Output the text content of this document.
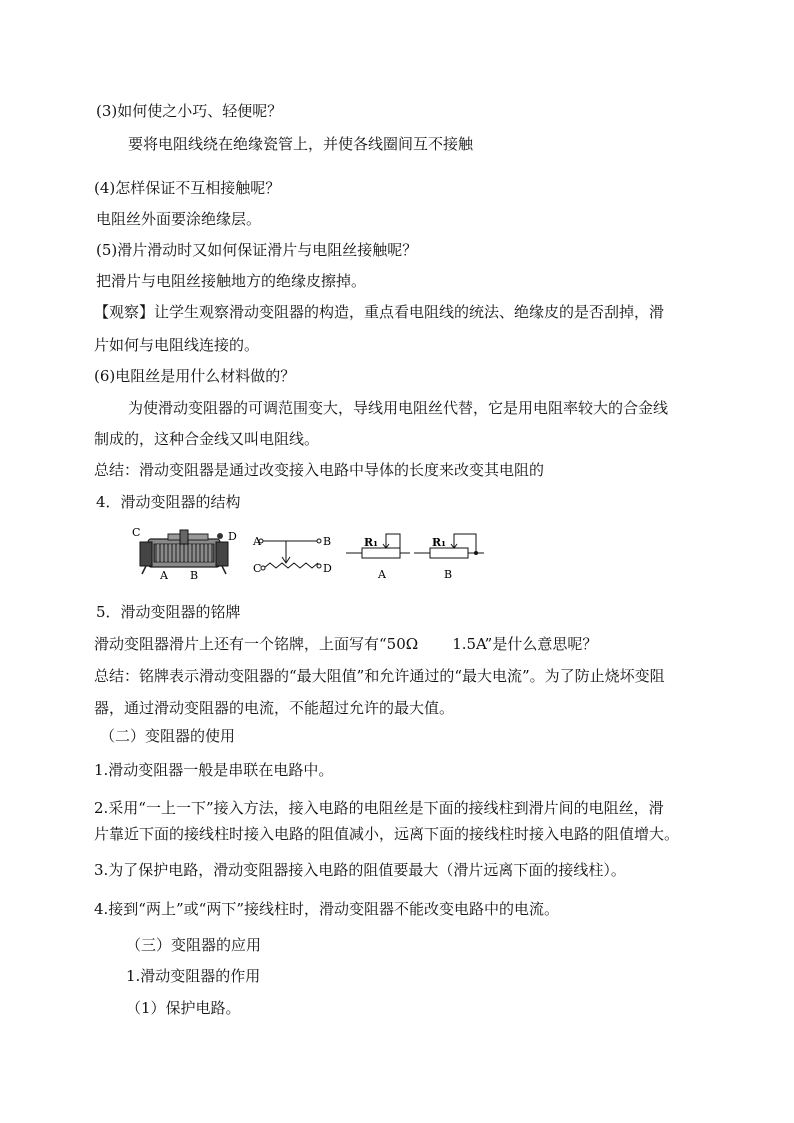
(3)如何使之小巧、轻便呢？
要将电阻线绕在绝缘瓷管上，并使各线圈间互不接触
(4)怎样保证不互相接触呢？
电阻丝外面要涂绝缘层。
(5)滑片滑动时又如何保证滑片与电阻丝接触呢？
把滑片与电阻丝接触地方的绝缘皮擦掉。
【观察】让学生观察滑动变阻器的构造，重点看电阻线的统法、绝缘皮的是否刮掉，滑
片如何与电阻线连接的。
(6)电阻丝是用什么材料做的？
为使滑动变阻器的可调范围变大，导线用电阻丝代替，它是用电阻率较大的合金线
制成的，这种合金线又叫电阻线。
总结：滑动变阻器是通过改变接入电路中导体的长度来改变其电阻的
4．滑动变阻器的结构
C	D
A B
A	B
C	D
R₁
A
R₁
B
5．滑动变阻器的铭牌
滑动变阻器滑片上还有一个铭牌，上面写有“50Ω 1.5A”是什么意思呢？
总结：铭牌表示滑动变阻器的“最大阻值”和允许通过的“最大电流”。为了防止烧坏变阻
器，通过滑动变阻器的电流，不能超过允许的最大值。
（二）变阻器的使用
1.滑动变阻器一般是串联在电路中。
2.采用“一上一下”接入方法，接入电路的电阻丝是下面的接线柱到滑片间的电阻丝，滑
片靠近下面的接线柱时接入电路的阻值减小，远离下面的接线柱时接入电路的阻值增大。
3.为了保护电路，滑动变阻器接入电路的阻值要最大（滑片远离下面的接线柱）。
4.接到“两上”或“两下”接线柱时，滑动变阻器不能改变电路中的电流。
（三）变阻器的应用
1.滑动变阻器的作用
（1）保护电路。
